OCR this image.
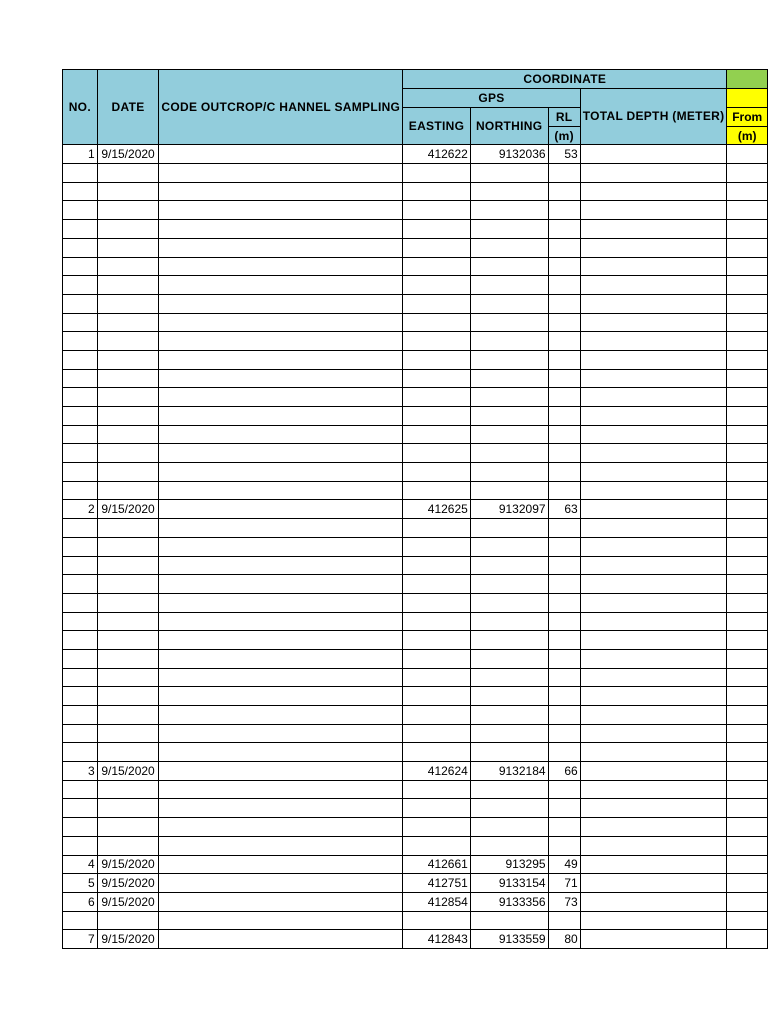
NO.	DATE	CODE OUTCROP/C HANNEL SAMPLING	COORDINATE				
			GPS			TOTAL DEPTH (METER)	
			EASTING	NORTHING	RL		From
					(m)		(m)
1	9/15/2020		412622	9132036	53		

2	9/15/2020		412625	9132097	63		

3	9/15/2020		412624	9132184	66		

4	9/15/2020		412661	913295	49		
5	9/15/2020		412751	9133154	71		
6	9/15/2020		412854	9133356	73		

7	9/15/2020		412843	9133559	80		
